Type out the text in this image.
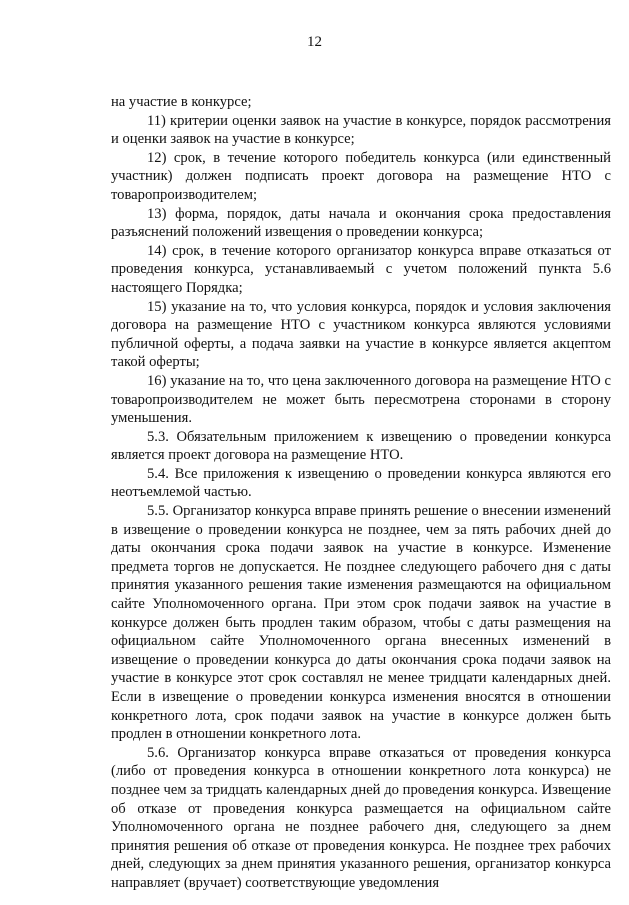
12

на участие в конкурсе;

11) критерии оценки заявок на участие в конкурсе, порядок рассмотрения и оценки заявок на участие в конкурсе;

12) срок, в течение которого победитель конкурса (или единственный участник) должен подписать проект договора на размещение НТО с товаропроизводителем;

13) форма, порядок, даты начала и окончания срока предоставления разъяснений положений извещения о проведении конкурса;

14) срок, в течение которого организатор конкурса вправе отказаться от проведения конкурса, устанавливаемый с учетом положений пункта 5.6 настоящего Порядка;

15) указание на то, что условия конкурса, порядок и условия заключения договора на размещение НТО с участником конкурса являются условиями публичной оферты, а подача заявки на участие в конкурсе является акцептом такой оферты;

16) указание на то, что цена заключенного договора на размещение НТО с товаропроизводителем не может быть пересмотрена сторонами в сторону уменьшения.

5.3. Обязательным приложением к извещению о проведении конкурса является проект договора на размещение НТО.

5.4. Все приложения к извещению о проведении конкурса являются его неотъемлемой частью.

5.5. Организатор конкурса вправе принять решение о внесении изменений в извещение о проведении конкурса не позднее, чем за пять рабочих дней до даты окончания срока подачи заявок на участие в конкурсе. Изменение предмета торгов не допускается. Не позднее следующего рабочего дня с даты принятия указанного решения такие изменения размещаются на официальном сайте Уполномоченного органа. При этом срок подачи заявок на участие в конкурсе должен быть продлен таким образом, чтобы с даты размещения на официальном сайте Уполномоченного органа внесенных изменений в извещение о проведении конкурса до даты окончания срока подачи заявок на участие в конкурсе этот срок составлял не менее тридцати календарных дней. Если в извещение о проведении конкурса изменения вносятся в отношении конкретного лота, срок подачи заявок на участие в конкурсе должен быть продлен в отношении конкретного лота.

5.6. Организатор конкурса вправе отказаться от проведения конкурса (либо от проведения конкурса в отношении конкретного лота конкурса) не позднее чем за тридцать календарных дней до проведения конкурса. Извещение об отказе от проведения конкурса размещается на официальном сайте Уполномоченного органа не позднее рабочего дня, следующего за днем принятия решения об отказе от проведения конкурса. Не позднее трех рабочих дней, следующих за днем принятия указанного решения, организатор конкурса направляет (вручает) соответствующие уведомления
